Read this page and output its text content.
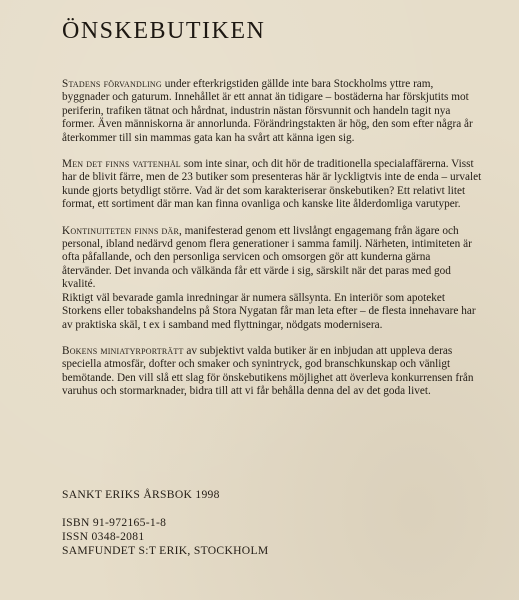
ÖNSKEBUTIKEN

Stadens förvandling under efterkrigstiden gällde inte bara Stockholms yttre ram, byggnader och gaturum. Innehållet är ett annat än tidigare – bostäderna har förskjutits mot periferin, trafiken tätnat och hårdnat, industrin nästan försvunnit och handeln tagit nya former. Även människorna är annorlunda. Förändringstakten är hög, den som efter några år återkommer till sin mammas gata kan ha svårt att känna igen sig.

Men det finns vattenhål som inte sinar, och dit hör de traditionella specialaffärerna. Visst har de blivit färre, men de 23 butiker som presenteras här är lyckligtvis inte de enda – urvalet kunde gjorts betydligt större. Vad är det som karakteriserar önskebutiken? Ett relativt litet format, ett sortiment där man kan finna ovanliga och kanske lite ålderdomliga varutyper.

Kontinuiteten finns där, manifesterad genom ett livslångt engagemang från ägare och personal, ibland nedärvd genom flera generationer i samma familj. Närheten, intimiteten är ofta påfallande, och den personliga servicen och omsorgen gör att kunderna gärna återvänder. Det invanda och välkända får ett värde i sig, särskilt när det paras med god kvalité.

Riktigt väl bevarade gamla inredningar är numera sällsynta. En interiör som apoteket Storkens eller tobakshandelns på Stora Nygatan får man leta efter – de flesta innehavare har av praktiska skäl, t ex i samband med flyttningar, nödgats modernisera.

Bokens miniatyrporträtt av subjektivt valda butiker är en inbjudan att uppleva deras speciella atmosfär, dofter och smaker och synintryck, god branschkunskap och vänligt bemötande. Den vill slå ett slag för önskebutikens möjlighet att överleva konkurrensen från varuhus och stormarknader, bidra till att vi får behålla denna del av det goda livet.

SANKT ERIKS ÅRSBOK 1998
ISBN 91-972165-1-8
ISSN 0348-2081
SAMFUNDET S:T ERIK, STOCKHOLM
